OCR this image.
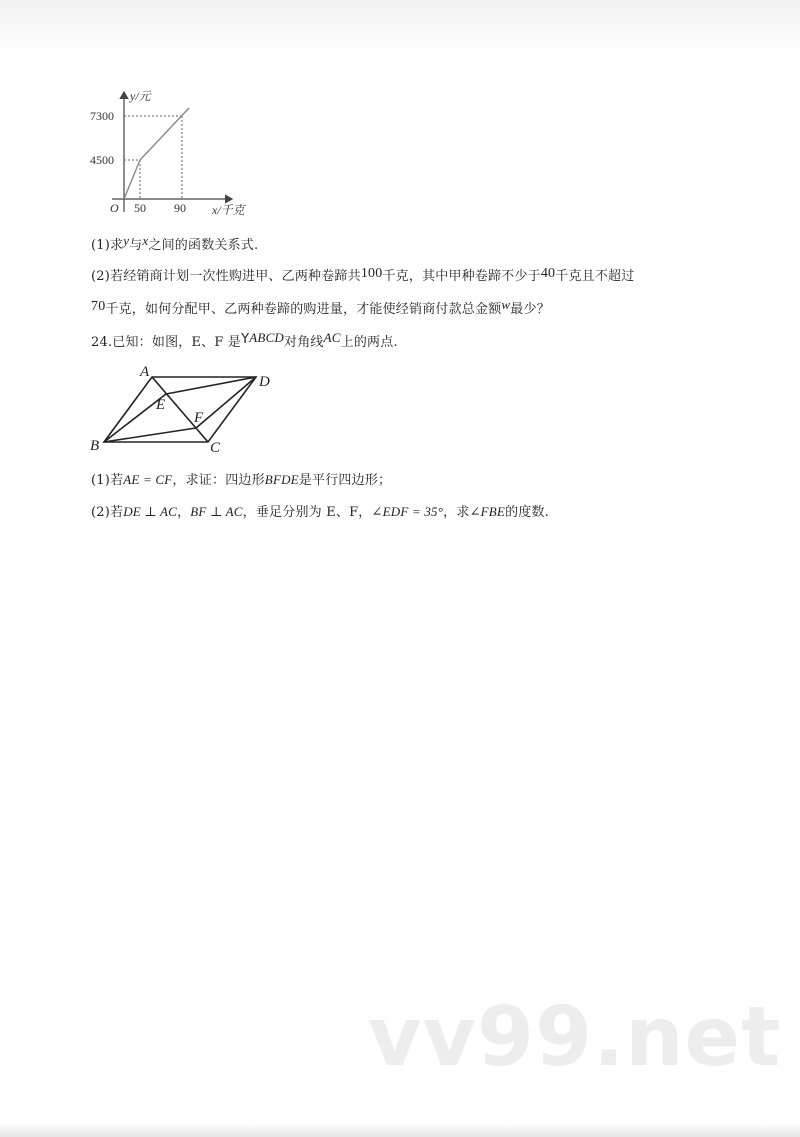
y/元
7300
4500
O 50 90 x/千克
(1)求y与x之间的函数关系式.
(2)若经销商计划一次性购进甲、乙两种卷蹄共100千克，其中甲种卷蹄不少于40千克且不超过
70千克，如何分配甲、乙两种卷蹄的购进量，才能使经销商付款总金额w最少？
24.已知：如图，E、F 是YABCD对角线AC上的两点.
A
D
B	C
E
F
(1)若AE = CF，求证：四边形BFDE是平行四边形；
(2)若DE ⊥ AC，BF ⊥ AC，垂足分别为 E、F，∠EDF = 35°，求∠FBE的度数.
vv99.net
